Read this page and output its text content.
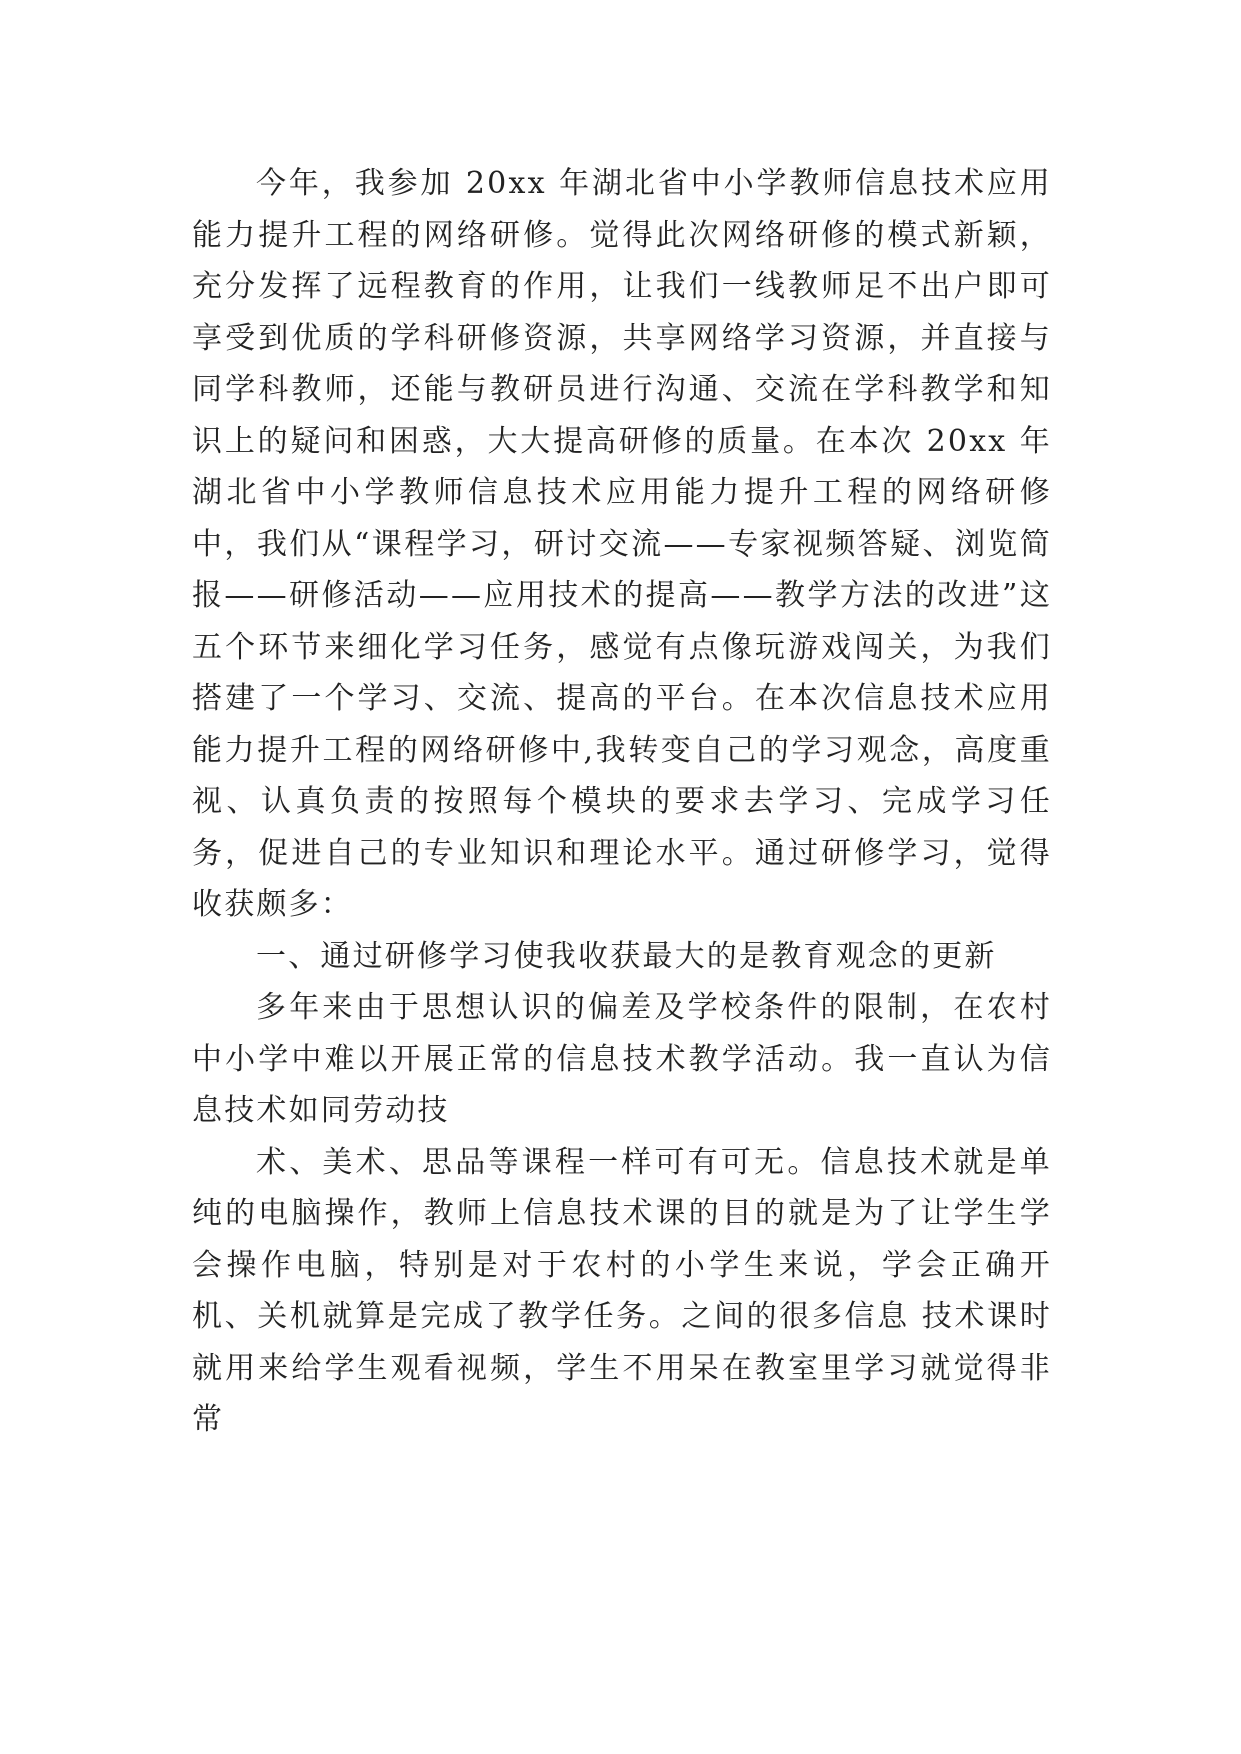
今年，我参加 20xx 年湖北省中小学教师信息技术应用能力提升工程的网络研修。觉得此次网络研修的模式新颖，充分发挥了远程教育的作用，让我们一线教师足不出户即可享受到优质的学科研修资源，共享网络学习资源，并直接与同学科教师，还能与教研员进行沟通、交流在学科教学和知识上的疑问和困惑，大大提高研修的质量。在本次 20xx 年湖北省中小学教师信息技术应用能力提升工程的网络研修中，我们从“课程学习，研讨交流——专家视频答疑、浏览简报——研修活动——应用技术的提高——教学方法的改进”这五个环节来细化学习任务，感觉有点像玩游戏闯关，为我们搭建了一个学习、交流、提高的平台。在本次信息技术应用能力提升工程的网络研修中,我转变自己的学习观念，高度重视、认真负责的按照每个模块的要求去学习、完成学习任务，促进自己的专业知识和理论水平。通过研修学习，觉得收获颇多：

一、通过研修学习使我收获最大的是教育观念的更新

多年来由于思想认识的偏差及学校条件的限制，在农村中小学中难以开展正常的信息技术教学活动。我一直认为信息技术如同劳动技

术、美术、思品等课程一样可有可无。信息技术就是单纯的电脑操作，教师上信息技术课的目的就是为了让学生学会操作电脑，特别是对于农村的小学生来说，学会正确开机、关机就算是完成了教学任务。之间的很多信息 技术课时就用来给学生观看视频，学生不用呆在教室里学习就觉得非常
